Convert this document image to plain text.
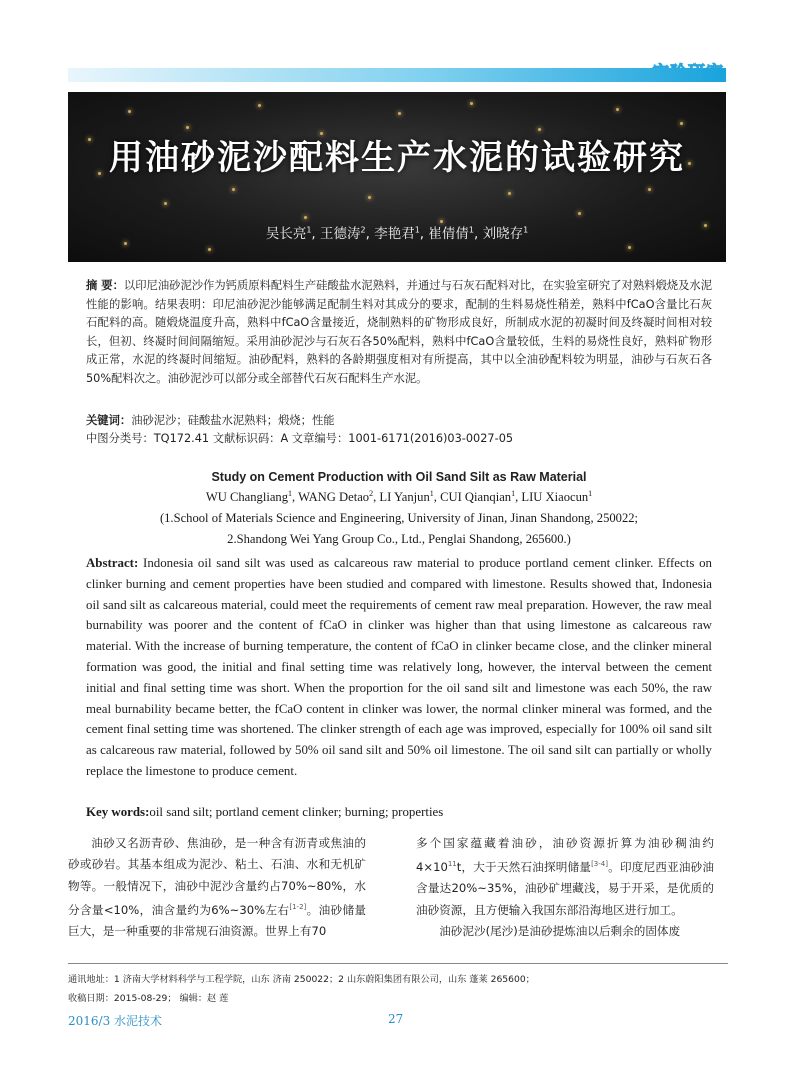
用油砂泥沙配料生产水泥的试验研究
吴长亮$^1$, 王德涛$^2$, 李艳君$^1$, 崔倩倩$^1$, 刘晓存$^1$
摘 要：以印尼油砂泥沙作为钙质原料配料生产硅酸盐水泥熟料，并通过与石灰石配料对比，在实验室研究了对熟料煅烧及水泥性能的影响。结果表明：印尼油砂泥沙能够满足配制生料对其成分的要求，配制的生料易烧性稍差，熟料中fCaO含量比石灰石配料的高。随煅烧温度升高，熟料中fCaO含量接近，烧制熟料的矿物形成良好，所制成水泥的初凝时间及终凝时间相对较长，但初、终凝时间间隔缩短。采用油砂泥沙与石灰石各50%配料，熟料中fCaO含量较低，生料的易烧性良好，熟料矿物形成正常，水泥的终凝时间缩短。油砂配料，熟料的各龄期强度相对有所提高，其中以全油砂配料较为明显，油砂与石灰石各50%配料次之。油砂泥沙可以部分或全部替代石灰石配料生产水泥。
关键词：油砂泥沙；硅酸盐水泥熟料；煅烧；性能
中图分类号：TQ172.41 文献标识码：A 文章编号：1001-6171(2016)03-0027-05
Study on Cement Production with Oil Sand Silt as Raw Material
WU Changliang$^1$, WANG Detao$^2$, LI Yanjun$^1$, CUI Qianqian$^1$, LIU Xiaocun$^1$
(1.School of Materials Science and Engineering, University of Jinan, Jinan Shandong, 250022;
2.Shandong Wei Yang Group Co., Ltd., Penglai Shandong, 265600.)
Abstract: Indonesia oil sand silt was used as calcareous raw material to produce portland cement clinker. Effects on clinker burning and cement properties have been studied and compared with limestone. Results showed that, Indonesia oil sand silt as calcareous material, could meet the requirements of cement raw meal preparation. However, the raw meal burnability was poorer and the content of fCaO in clinker was higher than that using limestone as calcareous raw material. With the increase of burning temperature, the content of fCaO in clinker became close, and the clinker mineral formation was good, the initial and final setting time was relatively long, however, the interval between the cement initial and final setting time was short. When the proportion for the oil sand silt and limestone was each 50%, the raw meal burnability became better, the fCaO content in clinker was lower, the normal clinker mineral was formed, and the cement final setting time was shortened. The clinker strength of each age was improved, especially for 100% oil sand silt as calcareous raw material, followed by 50% oil sand silt and 50% oil limestone. The oil sand silt can partially or wholly replace the limestone to produce cement.
Key words:oil sand silt; portland cement clinker; burning; properties
油砂又名沥青砂、焦油砂，是一种含有沥青或焦油的砂或砂岩。其基本组成为泥沙、粘土、石油、水和无机矿物等。一般情况下，油砂中泥沙含量约占70%~80%，水分含量<10%，油含量约为6%~30%左右[1-2]。油砂储量巨大，是一种重要的非常规石油资源。世界上有70

多个国家蕴藏着油砂，油砂资源折算为油砂稠油约$4\times 10^{11}t$，大于天然石油探明储量[3-4]。印度尼西亚油砂油含量达20%~35%，油砂矿埋藏浅，易于开采，是优质的油砂资源，且方便输入我国东部沿海地区进行加工。

油砂泥沙(尾沙)是油砂提炼油以后剩余的固体废

通讯地址：1 济南大学材料科学与工程学院，山东 济南 250022；2 山东蔚阳集团有限公司，山东 蓬莱 265600；
收稿日期：2015-08-29； 编辑：赵 莲
2016/3 水泥技术	27
